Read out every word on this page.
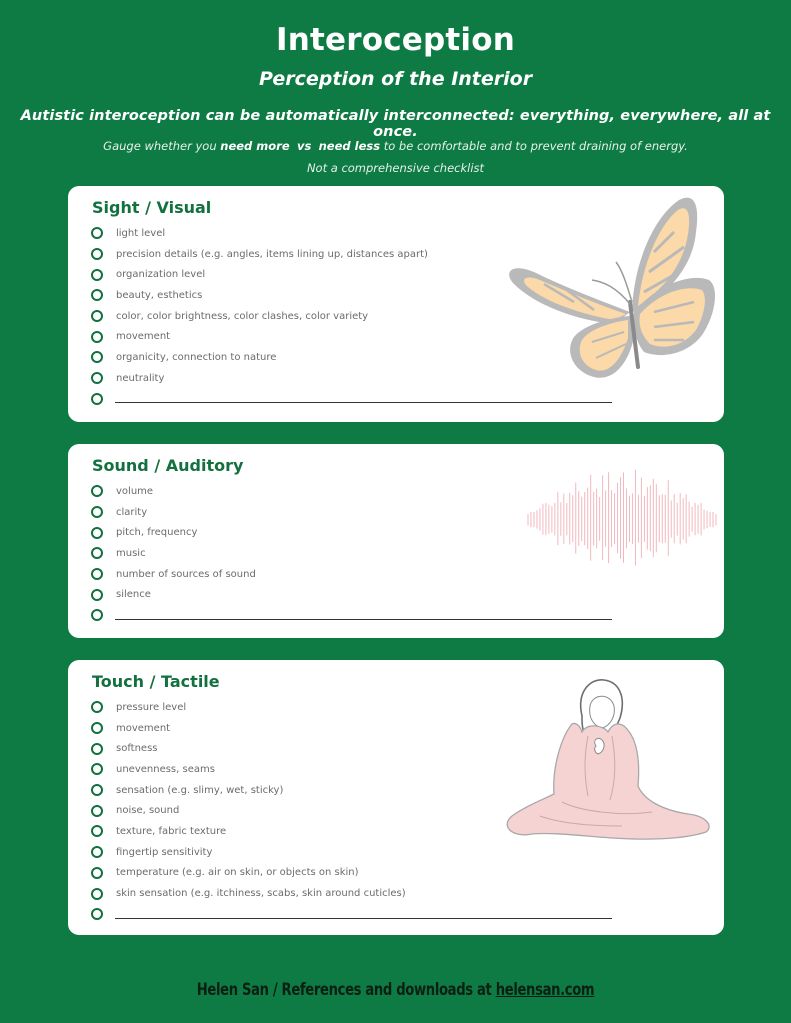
Interoception
Perception of the Interior
Autistic interoception can be automatically interconnected: everything, everywhere, all at once.
Gauge whether you need more vs need less to be comfortable and to prevent draining of energy.
Not a comprehensive checklist
Sight / Visual
light level
precision details (e.g. angles, items lining up, distances apart)
organization level
beauty, esthetics
color, color brightness, color clashes, color variety
movement
organicity, connection to nature
neutrality
Sound / Auditory
volume
clarity
pitch, frequency
music
number of sources of sound
silence
Touch / Tactile
pressure level
movement
softness
unevenness, seams
sensation (e.g. slimy, wet, sticky)
noise, sound
texture, fabric texture
fingertip sensitivity
temperature (e.g. air on skin, or objects on skin)
skin sensation (e.g. itchiness, scabs, skin around cuticles)
Helen San / References and downloads at helensan.com
